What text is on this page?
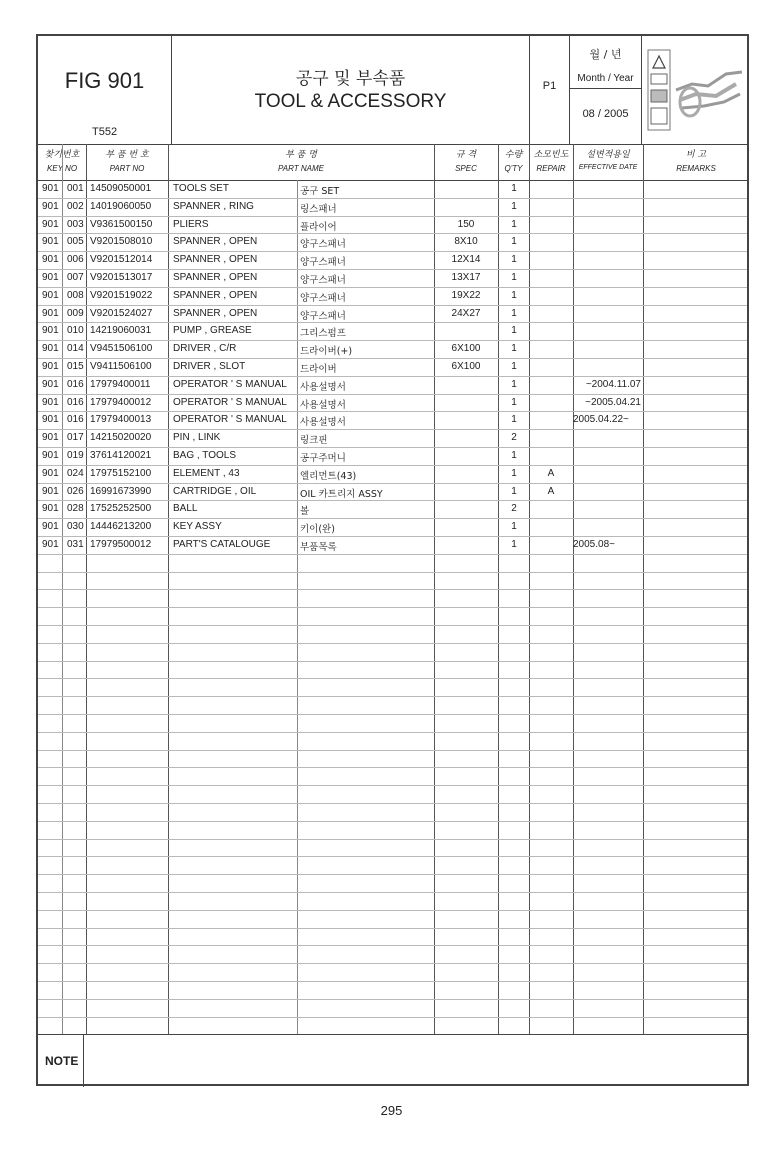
FIG 901
T552
공구 및 부속품
TOOL & ACCESSORY
P1
월 / 년
Month / Year
08 / 2005
찾기번호
KEY NO
부 품 번 호
PART NO
부 품 명
PART NAME
규 격
SPEC
수량
Q'TY
소모빈도
REPAIR
설변적용일
EFFECTIVE DATE
비 고
REMARKS
901 001 14509050001 TOOLS SET	공구 SET	1
901 002 14019060050 SPANNER , RING	링스패너	1
901 003 V9361500150 PLIERS	플라이어	150	1
901 005 V9201508010 SPANNER , OPEN	양구스패너	8X10	1
901 006 V9201512014 SPANNER , OPEN	양구스패너	12X14	1
901 007 V9201513017 SPANNER , OPEN	양구스패너	13X17	1
901 008 V9201519022 SPANNER , OPEN	양구스패너	19X22	1
901 009 V9201524027 SPANNER , OPEN	양구스패너	24X27	1
901 010 14219060031 PUMP , GREASE	그리스펌프	1
901 014 V9451506100 DRIVER , C/R	드라이버(+)	6X100	1
901 015 V9411506100 DRIVER , SLOT	드라이버	6X100	1
901 016 17979400011 OPERATOR ' S MANUAL 사용설명서	1	~2004.11.07
901 016 17979400012 OPERATOR ' S MANUAL 사용설명서	1	~2005.04.21
901 016 17979400013 OPERATOR ' S MANUAL 사용설명서	1	2005.04.22~
901 017 14215020020 PIN , LINK	링크핀	2
901 019 37614120021 BAG , TOOLS	공구주머니	1
901 024 17975152100 ELEMENT , 43	엘리먼트(43)	1	A
901 026 16991673990 CARTRIDGE , OIL	OIL 카트리지 ASSY	1	A
901 028 17525252500 BALL	볼	2
901 030 14446213200 KEY ASSY	키이(완)	1
901 031 17979500012 PART'S CATALOUGE	부품목록	1	2005.08~
NOTE
295
